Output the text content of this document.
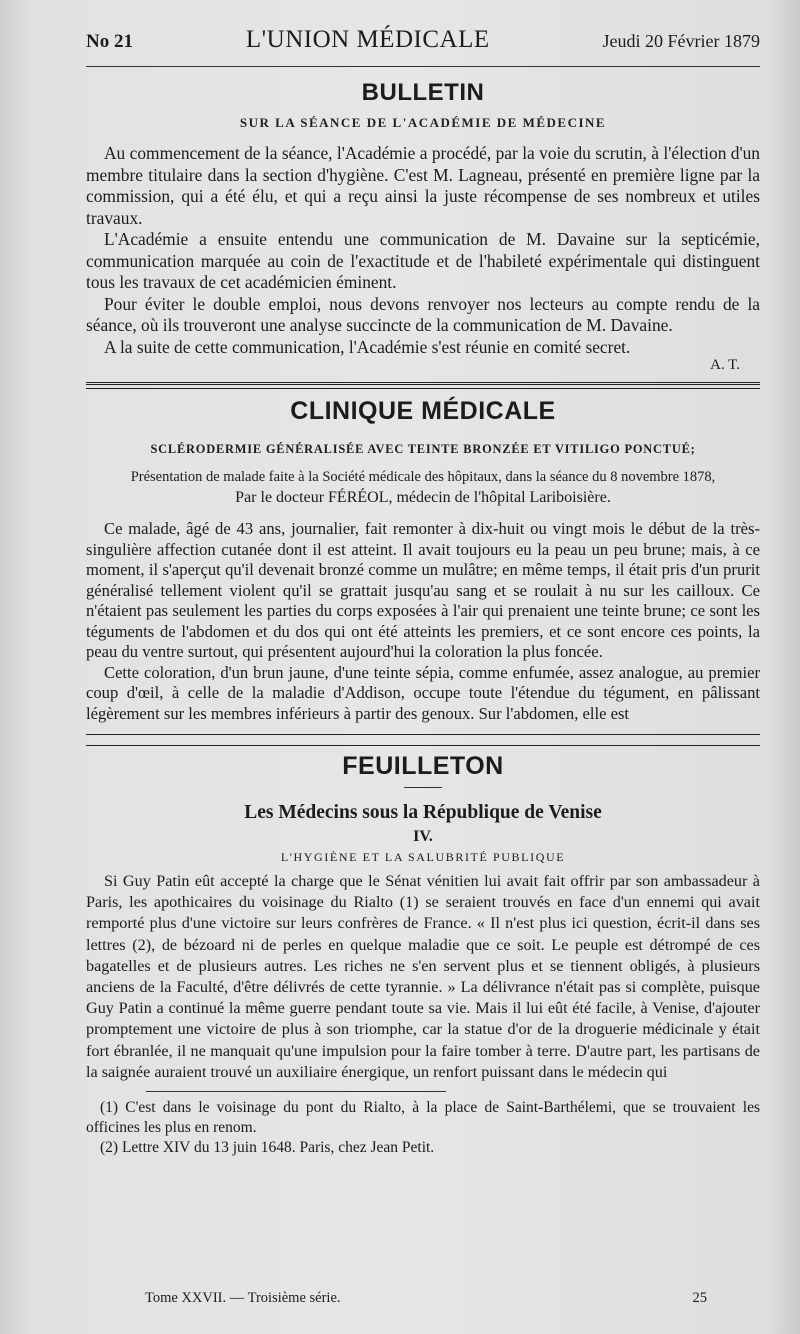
No 21	L'UNION MÉDICALE	Jeudi 20 Février 1879
BULLETIN
SUR LA SÉANCE DE L'ACADÉMIE DE MÉDECINE

Au commencement de la séance, l'Académie a procédé, par la voie du scrutin, à l'élection d'un membre titulaire dans la section d'hygiène. C'est M. Lagneau, présenté en première ligne par la commission, qui a été élu, et qui a reçu ainsi la juste récompense de ses nombreux et utiles travaux.

L'Académie a ensuite entendu une communication de M. Davaine sur la septicémie, communication marquée au coin de l'exactitude et de l'habileté expérimentale qui distinguent tous les travaux de cet académicien éminent.

Pour éviter le double emploi, nous devons renvoyer nos lecteurs au compte rendu de la séance, où ils trouveront une analyse succincte de la communication de M. Davaine.

A la suite de cette communication, l'Académie s'est réunie en comité secret.

A. T.
CLINIQUE MÉDICALE
SCLÉRODERMIE GÉNÉRALISÉE AVEC TEINTE BRONZÉE ET VITILIGO PONCTUÉ;
Présentation de malade faite à la Société médicale des hôpitaux, dans la séance du 8 novembre 1878,
Par le docteur FÉRÉOL, médecin de l'hôpital Lariboisière.

Ce malade, âgé de 43 ans, journalier, fait remonter à dix-huit ou vingt mois le début de la très-singulière affection cutanée dont il est atteint. Il avait toujours eu la peau un peu brune; mais, à ce moment, il s'aperçut qu'il devenait bronzé comme un mulâtre; en même temps, il était pris d'un prurit généralisé tellement violent qu'il se grattait jusqu'au sang et se roulait à nu sur les cailloux. Ce n'étaient pas seulement les parties du corps exposées à l'air qui prenaient une teinte brune; ce sont les téguments de l'abdomen et du dos qui ont été atteints les premiers, et ce sont encore ces points, la peau du ventre surtout, qui présentent aujourd'hui la coloration la plus foncée.

Cette coloration, d'un brun jaune, d'une teinte sépia, comme enfumée, assez analogue, au premier coup d'œil, à celle de la maladie d'Addison, occupe toute l'étendue du tégument, en pâlissant légèrement sur les membres inférieurs à partir des genoux. Sur l'abdomen, elle est

FEUILLETON
Les Médecins sous la République de Venise
IV.
L'HYGIÈNE ET LA SALUBRITÉ PUBLIQUE

Si Guy Patin eût accepté la charge que le Sénat vénitien lui avait fait offrir par son ambassadeur à Paris, les apothicaires du voisinage du Rialto (1) se seraient trouvés en face d'un ennemi qui avait remporté plus d'une victoire sur leurs confrères de France. « Il n'est plus ici question, écrit-il dans ses lettres (2), de bézoard ni de perles en quelque maladie que ce soit. Le peuple est détrompé de ces bagatelles et de plusieurs autres. Les riches ne s'en servent plus et se tiennent obligés, à plusieurs anciens de la Faculté, d'être délivrés de cette tyrannie. » La délivrance n'était pas si complète, puisque Guy Patin a continué la même guerre pendant toute sa vie. Mais il lui eût été facile, à Venise, d'ajouter promptement une victoire de plus à son triomphe, car la statue d'or de la droguerie médicinale y était fort ébranlée, il ne manquait qu'une impulsion pour la faire tomber à terre. D'autre part, les partisans de la saignée auraient trouvé un auxiliaire énergique, un renfort puissant dans le médecin qui

(1) C'est dans le voisinage du pont du Rialto, à la place de Saint-Barthélemi, que se trouvaient les officines les plus en renom.

(2) Lettre XIV du 13 juin 1648. Paris, chez Jean Petit.

Tome XXVII. — Troisième série.	25
